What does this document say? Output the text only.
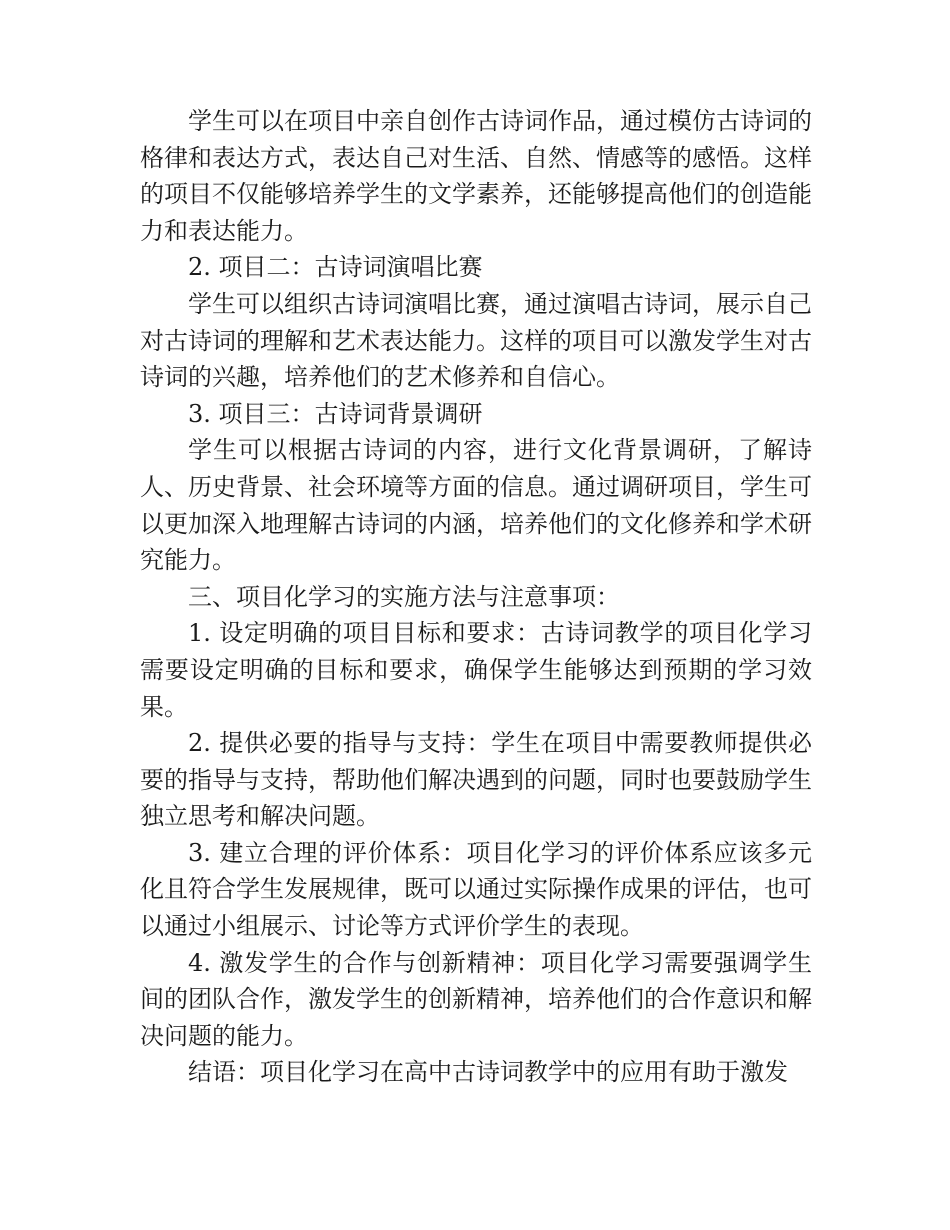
学生可以在项目中亲自创作古诗词作品，通过模仿古诗词的格律和表达方式，表达自己对生活、自然、情感等的感悟。这样的项目不仅能够培养学生的文学素养，还能够提高他们的创造能力和表达能力。

2. 项目二：古诗词演唱比赛

学生可以组织古诗词演唱比赛，通过演唱古诗词，展示自己对古诗词的理解和艺术表达能力。这样的项目可以激发学生对古诗词的兴趣，培养他们的艺术修养和自信心。

3. 项目三：古诗词背景调研

学生可以根据古诗词的内容，进行文化背景调研，了解诗人、历史背景、社会环境等方面的信息。通过调研项目，学生可以更加深入地理解古诗词的内涵，培养他们的文化修养和学术研究能力。

三、项目化学习的实施方法与注意事项：

1. 设定明确的项目目标和要求：古诗词教学的项目化学习需要设定明确的目标和要求，确保学生能够达到预期的学习效果。

2. 提供必要的指导与支持：学生在项目中需要教师提供必要的指导与支持，帮助他们解决遇到的问题，同时也要鼓励学生独立思考和解决问题。

3. 建立合理的评价体系：项目化学习的评价体系应该多元化且符合学生发展规律，既可以通过实际操作成果的评估，也可以通过小组展示、讨论等方式评价学生的表现。

4. 激发学生的合作与创新精神：项目化学习需要强调学生间的团队合作，激发学生的创新精神，培养他们的合作意识和解决问题的能力。

结语：项目化学习在高中古诗词教学中的应用有助于激发
